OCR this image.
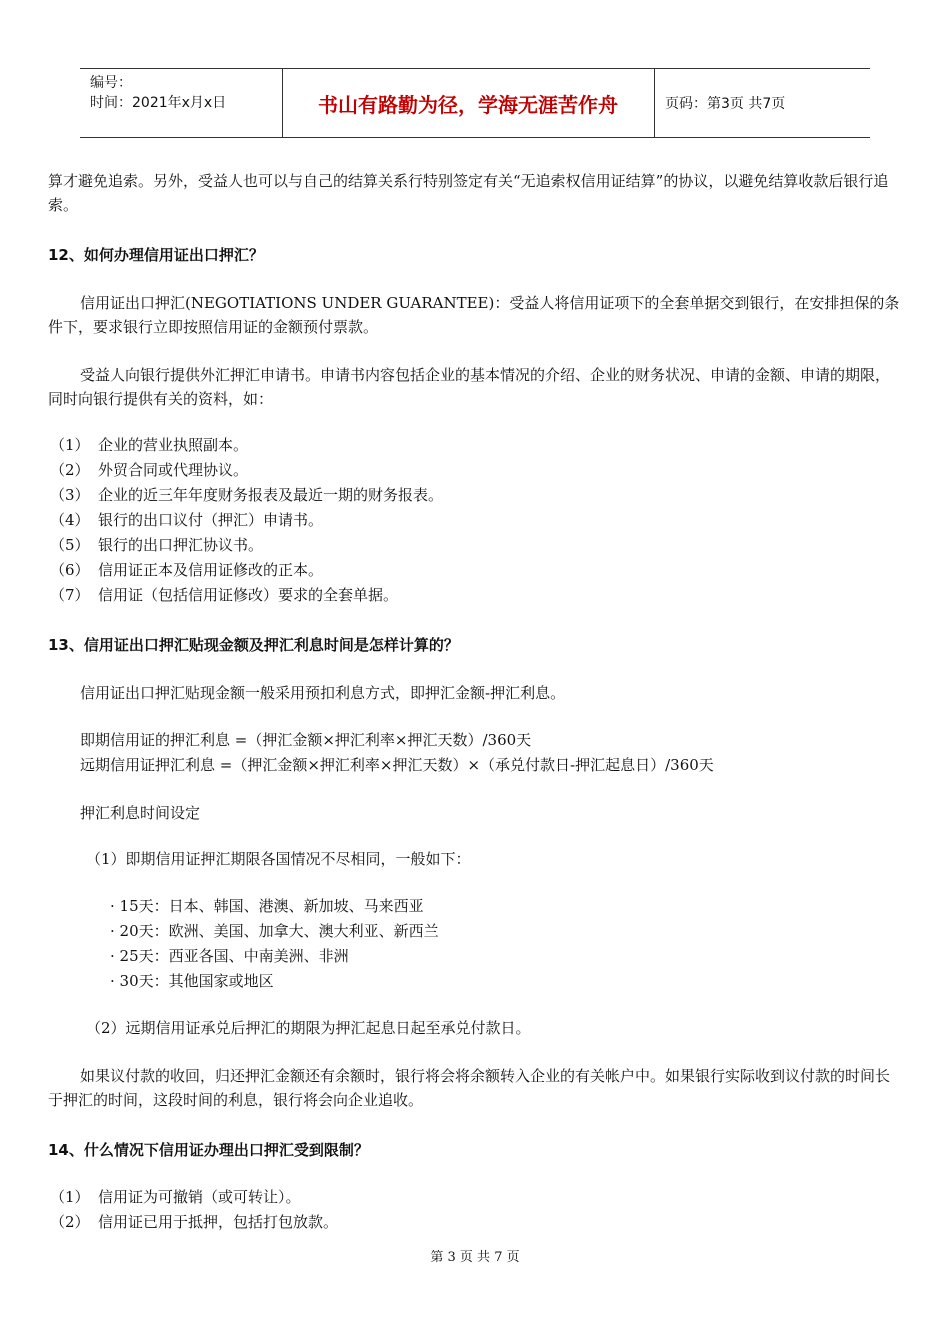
编号：
时间：2021年x月x日	书山有路勤为径，学海无涯苦作舟	页码：第3页 共7页
算才避免追索。另外，受益人也可以与自己的结算关系行特别签定有关“无追索权信用证结算”的协议，以避免结算收款后银行追索。
12、如何办理信用证出口押汇？
信用证出口押汇(NEGOTIATIONS UNDER GUARANTEE)：受益人将信用证项下的全套单据交到银行，在安排担保的条件下，要求银行立即按照信用证的金额预付票款。
受益人向银行提供外汇押汇申请书。申请书内容包括企业的基本情况的介绍、企业的财务状况、申请的金额、申请的期限，同时向银行提供有关的资料，如：
（1） 企业的营业执照副本。
（2） 外贸合同或代理协议。
（3） 企业的近三年年度财务报表及最近一期的财务报表。
（4） 银行的出口议付（押汇）申请书。
（5） 银行的出口押汇协议书。
（6） 信用证正本及信用证修改的正本。
（7） 信用证（包括信用证修改）要求的全套单据。
13、信用证出口押汇贴现金额及押汇利息时间是怎样计算的？
信用证出口押汇贴现金额一般采用预扣利息方式，即押汇金额-押汇利息。
即期信用证的押汇利息 =（押汇金额×押汇利率×押汇天数）/360天
远期信用证押汇利息 =（押汇金额×押汇利率×押汇天数）×（承兑付款日-押汇起息日）/360天
押汇利息时间设定
（1）即期信用证押汇期限各国情况不尽相同，一般如下：
· 15天：日本、韩国、港澳、新加坡、马来西亚
· 20天：欧洲、美国、加拿大、澳大利亚、新西兰
· 25天：西亚各国、中南美洲、非洲
· 30天：其他国家或地区
（2）远期信用证承兑后押汇的期限为押汇起息日起至承兑付款日。
如果议付款的收回，归还押汇金额还有余额时，银行将会将余额转入企业的有关帐户中。如果银行实际收到议付款的时间长于押汇的时间，这段时间的利息，银行将会向企业追收。
14、什么情况下信用证办理出口押汇受到限制？
（1） 信用证为可撤销（或可转让）。
（2） 信用证已用于抵押，包括打包放款。
第 3 页 共 7 页
